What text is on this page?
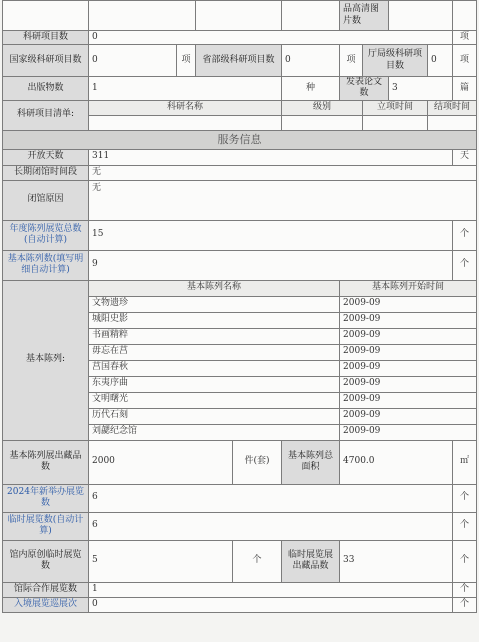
						品高清图片数				
科研项目数	0									项
国家级科研项目数	0	项	省部级科研项目数		0	项	厅局级科研项目数		0	项
出版物数	1				种	发表论文数		3		篇
科研项目清单:	科研名称				级别		立项时间		结项时间	

服务信息										
开放天数	311									天
长期闭馆时间段	无									
闭馆原因	无									
年度陈列展览总数(自动计算)	15									个
基本陈列数(填写明细自动计算)	9									个
基本陈列:	基本陈列名称					基本陈列开始时间				
	文物遗珍					2009-09				
	城阳史影					2009-09				
	书画精粹					2009-09				
	毋忘在莒					2009-09				
	莒国春秋					2009-09				
	东夷序曲					2009-09				
	文明曙光					2009-09				
	历代石刻					2009-09				
	刘勰纪念馆					2009-09				
基本陈列展出藏品数	2000			件(套)	基本陈列总面积	4700.0				㎡
2024年新举办展览数	6									个
临时展览数(自动计算)	6									个
馆内原创临时展览数	5			个	临时展览展出藏品数	33				个
馆际合作展览数	1									个
入境展览巡展次	0									个
